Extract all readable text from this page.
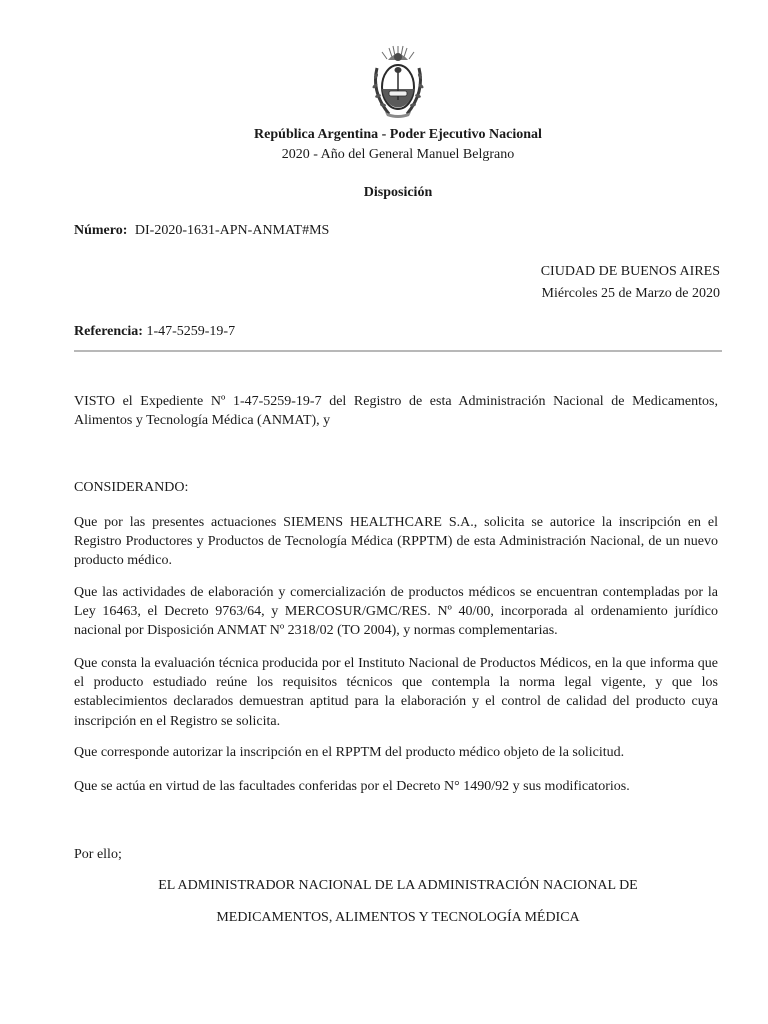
República Argentina - Poder Ejecutivo Nacional
2020 - Año del General Manuel Belgrano
Disposición
Número: DI-2020-1631-APN-ANMAT#MS
CIUDAD DE BUENOS AIRES
Miércoles 25 de Marzo de 2020
Referencia: 1-47-5259-19-7

VISTO el Expediente Nº 1-47-5259-19-7 del Registro de esta Administración Nacional de Medicamentos, Alimentos y Tecnología Médica (ANMAT), y

CONSIDERANDO:

Que por las presentes actuaciones SIEMENS HEALTHCARE S.A., solicita se autorice la inscripción en el Registro Productores y Productos de Tecnología Médica (RPPTM) de esta Administración Nacional, de un nuevo producto médico.

Que las actividades de elaboración y comercialización de productos médicos se encuentran contempladas por la Ley 16463, el Decreto 9763/64, y MERCOSUR/GMC/RES. Nº 40/00, incorporada al ordenamiento jurídico nacional por Disposición ANMAT Nº 2318/02 (TO 2004), y normas complementarias.

Que consta la evaluación técnica producida por el Instituto Nacional de Productos Médicos, en la que informa que el producto estudiado reúne los requisitos técnicos que contempla la norma legal vigente, y que los establecimientos declarados demuestran aptitud para la elaboración y el control de calidad del producto cuya inscripción en el Registro se solicita.

Que corresponde autorizar la inscripción en el RPPTM del producto médico objeto de la solicitud.

Que se actúa en virtud de las facultades conferidas por el Decreto N° 1490/92 y sus modificatorios.

Por ello;

EL ADMINISTRADOR NACIONAL DE LA ADMINISTRACIÓN NACIONAL DE
MEDICAMENTOS, ALIMENTOS Y TECNOLOGÍA MÉDICA
